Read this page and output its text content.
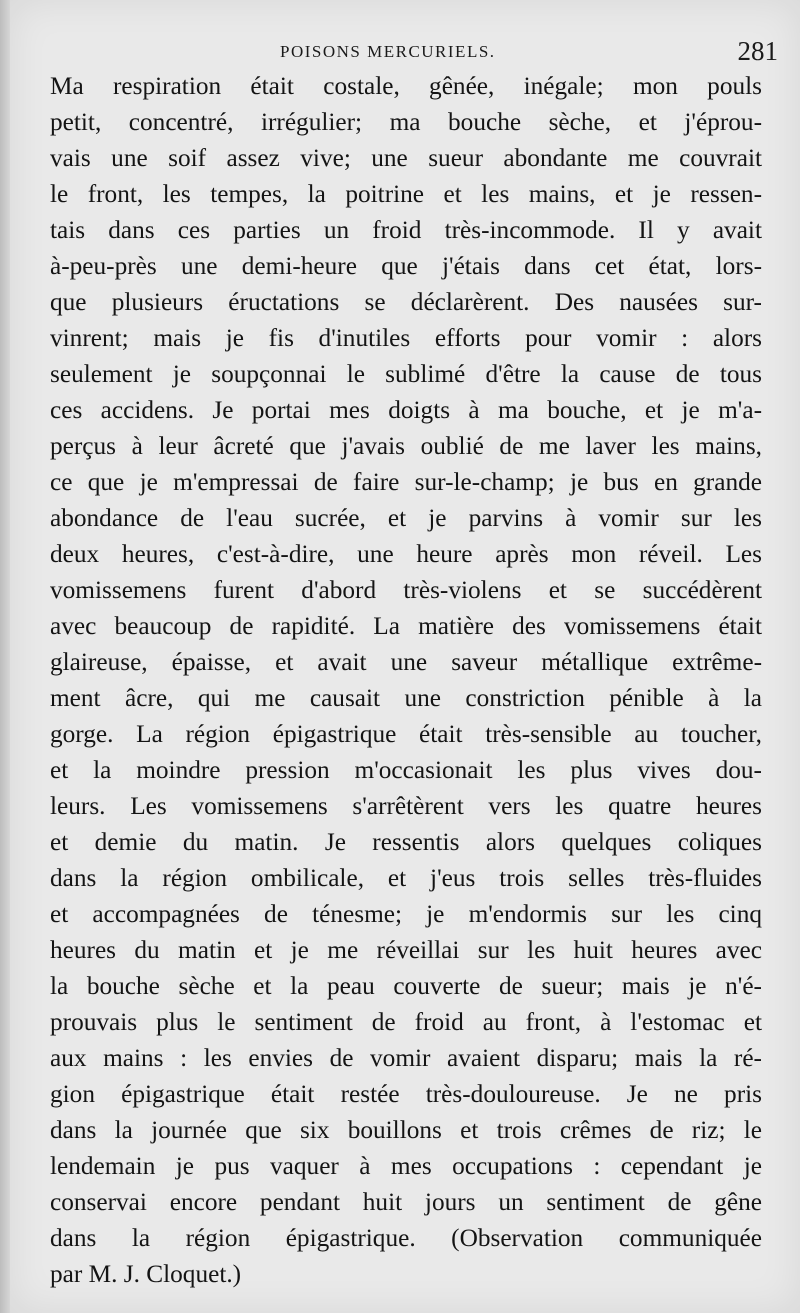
POISONS MERCURIELS.	281
Ma respiration était costale, gênée, inégale; mon pouls
petit, concentré, irrégulier; ma bouche sèche, et j'éprou-
vais une soif assez vive; une sueur abondante me couvrait
le front, les tempes, la poitrine et les mains, et je ressen-
tais dans ces parties un froid très-incommode. Il y avait
à-peu-près une demi-heure que j'étais dans cet état, lors-
que plusieurs éructations se déclarèrent. Des nausées sur-
vinrent; mais je fis d'inutiles efforts pour vomir : alors
seulement je soupçonnai le sublimé d'être la cause de tous
ces accidens. Je portai mes doigts à ma bouche, et je m'a-
perçus à leur âcreté que j'avais oublié de me laver les mains,
ce que je m'empressai de faire sur-le-champ; je bus en grande
abondance de l'eau sucrée, et je parvins à vomir sur les
deux heures, c'est-à-dire, une heure après mon réveil. Les
vomissemens furent d'abord très-violens et se succédèrent
avec beaucoup de rapidité. La matière des vomissemens était
glaireuse, épaisse, et avait une saveur métallique extrême-
ment âcre, qui me causait une constriction pénible à la
gorge. La région épigastrique était très-sensible au toucher,
et la moindre pression m'occasionait les plus vives dou-
leurs. Les vomissemens s'arrêtèrent vers les quatre heures
et demie du matin. Je ressentis alors quelques coliques
dans la région ombilicale, et j'eus trois selles très-fluides
et accompagnées de ténesme; je m'endormis sur les cinq
heures du matin et je me réveillai sur les huit heures avec
la bouche sèche et la peau couverte de sueur; mais je n'é-
prouvais plus le sentiment de froid au front, à l'estomac et
aux mains : les envies de vomir avaient disparu; mais la ré-
gion épigastrique était restée très-douloureuse. Je ne pris
dans la journée que six bouillons et trois crêmes de riz; le
lendemain je pus vaquer à mes occupations : cependant je
conservai encore pendant huit jours un sentiment de gêne
dans la région épigastrique. (Observation communiquée
par M. J. Cloquet.)
